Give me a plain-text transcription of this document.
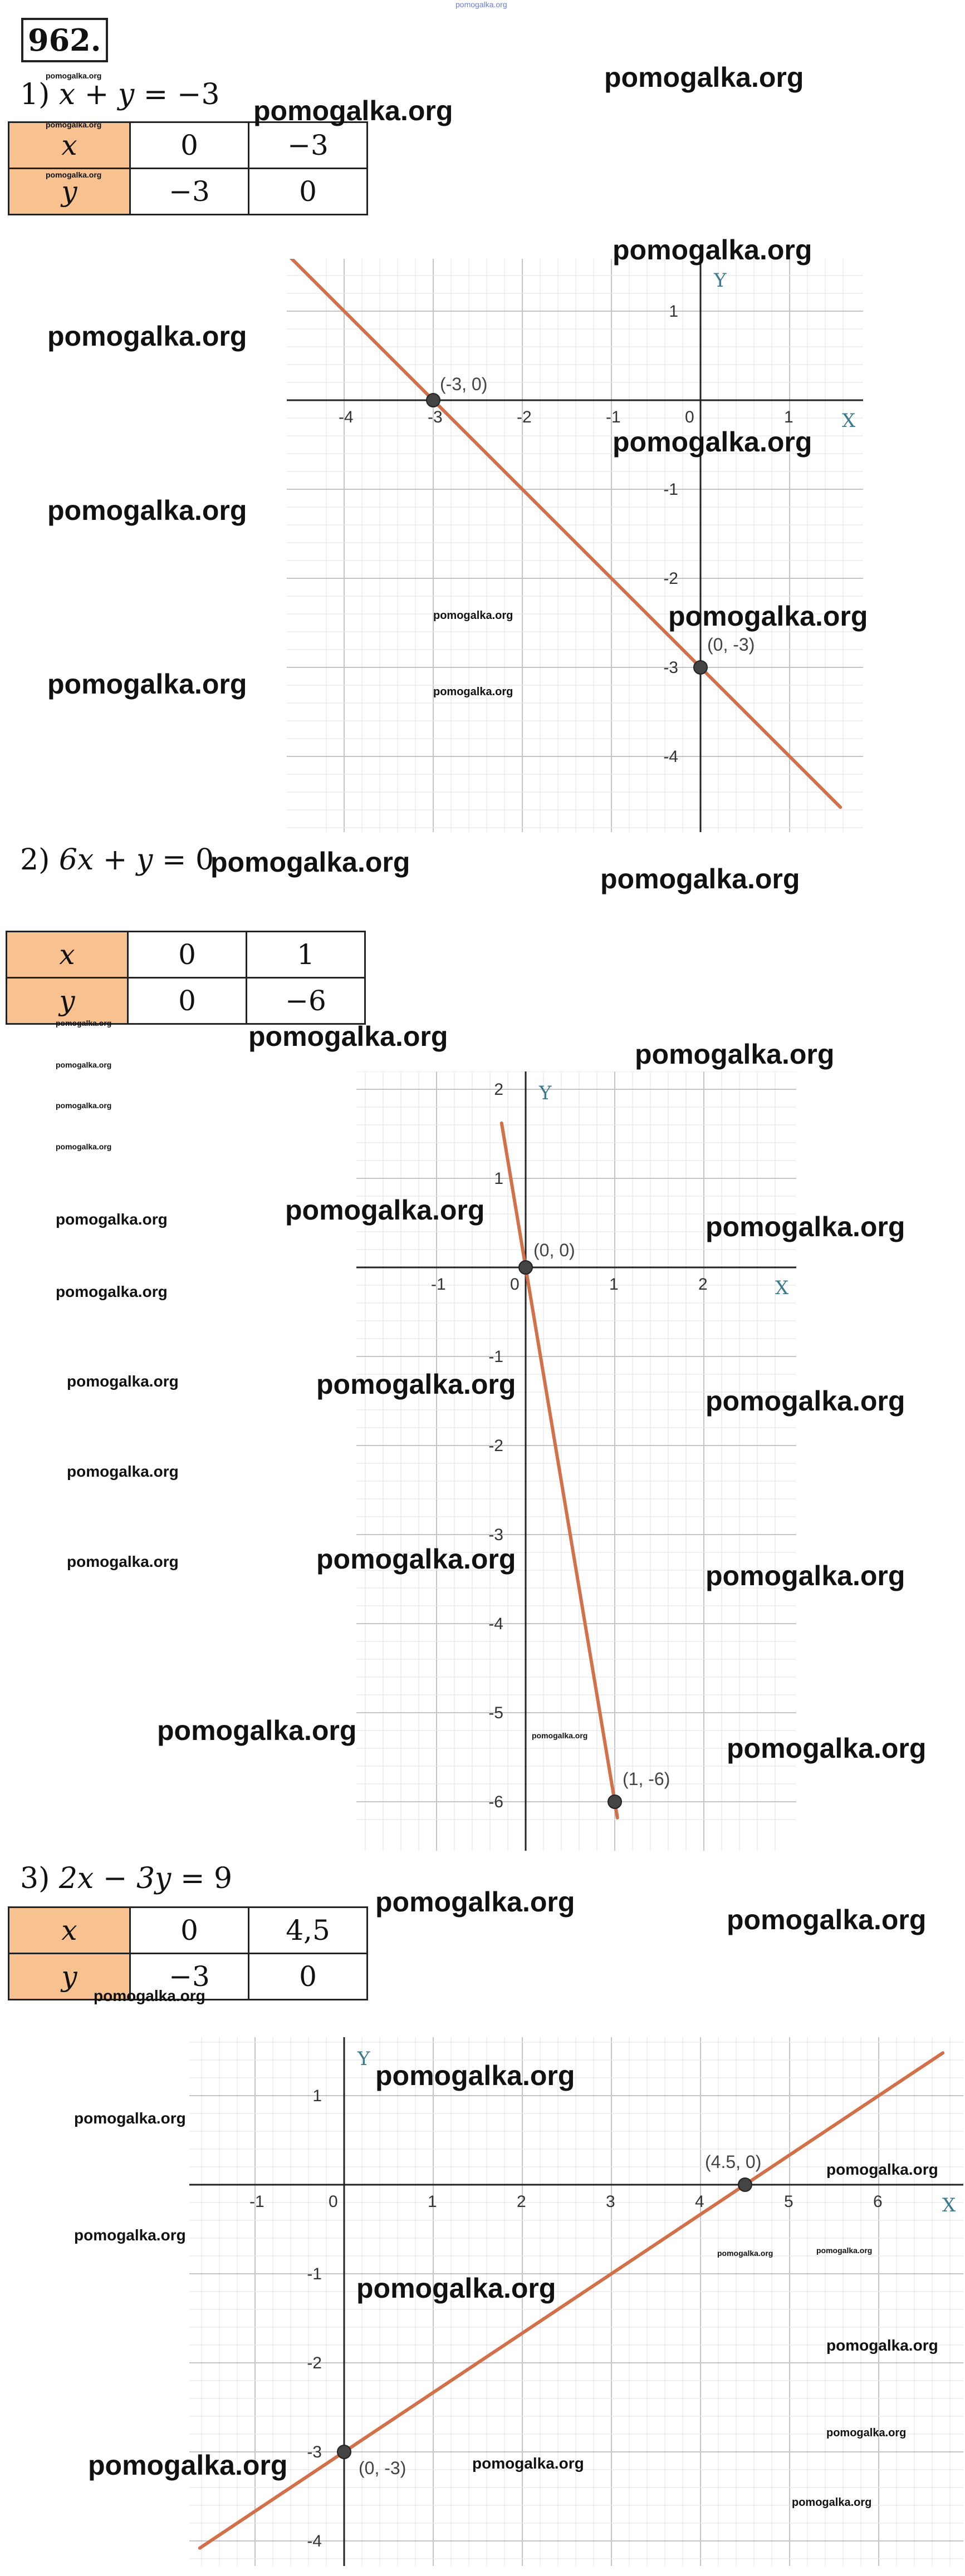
pomogalka.org
962.
1) x + y = −3
x	0	−3
y	−3	0
X
Y
-4	-3	-2	-1	0	1
1
-1
-2
-3
-4
(-3, 0)
(0, -3)
2) 6x + y = 0
x	0	1
y	0	−6
X
Y
-1	0	1	2
2
1
-1
-2
-3
-4
-5
-6
(0, 0)
(1, -6)
3) 2x − 3y = 9
x	0	4,5
y	−3	0
X
Y
-1	0	1	2	3	4	5	6
1
-1
-2
-3
-4
(4.5, 0)
(0, -3)
pomogalka.org
pomogalka.org
pomogalka.org
pomogalka.org
pomogalka.org
pomogalka.org
pomogalka.org
pomogalka.org
pomogalka.org
pomogalka.org
pomogalka.org
pomogalka.org
pomogalka.org
pomogalka.org
pomogalka.org
pomogalka.org
pomogalka.org
pomogalka.org
pomogalka.org
pomogalka.org
pomogalka.org
pomogalka.org
pomogalka.org
pomogalka.org
pomogalka.org
pomogalka.org
pomogalka.org
pomogalka.org
pomogalka.org
pomogalka.org
pomogalka.org
pomogalka.org
pomogalka.org
pomogalka.org
pomogalka.org
pomogalka.org
pomogalka.org
pomogalka.org
pomogalka.org
pomogalka.org
pomogalka.org
pomogalka.org
pomogalka.org
pomogalka.org
pomogalka.org
pomogalka.org
pomogalka.org
pomogalka.org
pomogalka.org	pomogalka.org
